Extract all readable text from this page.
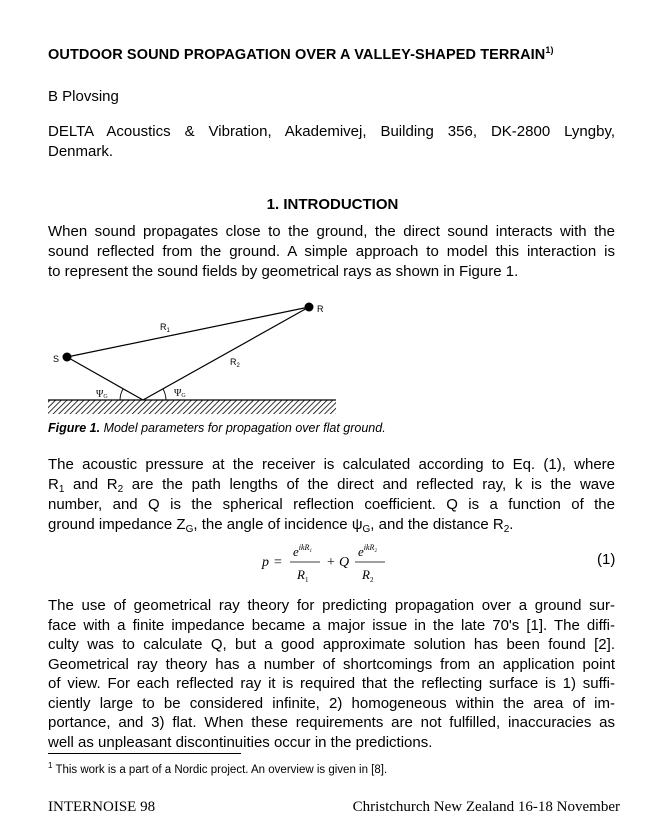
OUTDOOR SOUND PROPAGATION OVER A VALLEY-SHAPED TERRAIN$^{1)}$
B Plovsing
DELTA Acoustics & Vibration, Akademivej, Building 356, DK-2800 Lyngby,
Denmark.
1. INTRODUCTION
When sound propagates close to the ground, the direct sound interacts with the
sound reflected from the ground. A simple approach to model this interaction is
to represent the sound fields by geometrical rays as shown in Figure 1.
S
R
$R_1$
$R_2$
ΨG	ΨG
Figure 1. Model parameters for propagation over flat ground.
The acoustic pressure at the receiver is calculated according to Eq. (1), where
$R_1$ and $R_2$ are the path lengths of the direct and reflected ray, k is the wave
number, and Q is the spherical reflection coefficient. Q is a function of the
ground impedance $Z_G$, the angle of incidence $\psi_G$, and the distance $R_2$.
p =
$e^{ikR}1$
$R_1$
+ Q
$e^{ikR}2$
$R_2$
(1)
The use of geometrical ray theory for predicting propagation over a ground sur-
face with a finite impedance became a major issue in the late 70's [1]. The diffi-
culty was to calculate Q, but a good approximate solution has been found [2].
Geometrical ray theory has a number of shortcomings from an application point
of view. For each reflected ray it is required that the reflecting surface is 1) suffi-
ciently large to be considered infinite, 2) homogeneous within the area of im-
portance, and 3) flat. When these requirements are not fulfilled, inaccuracies as
well as unpleasant discontinuities occur in the predictions.
$^1$ This work is a part of a Nordic project. An overview is given in [8].
INTERNOISE 98	Christchurch New Zealand 16-18 November
